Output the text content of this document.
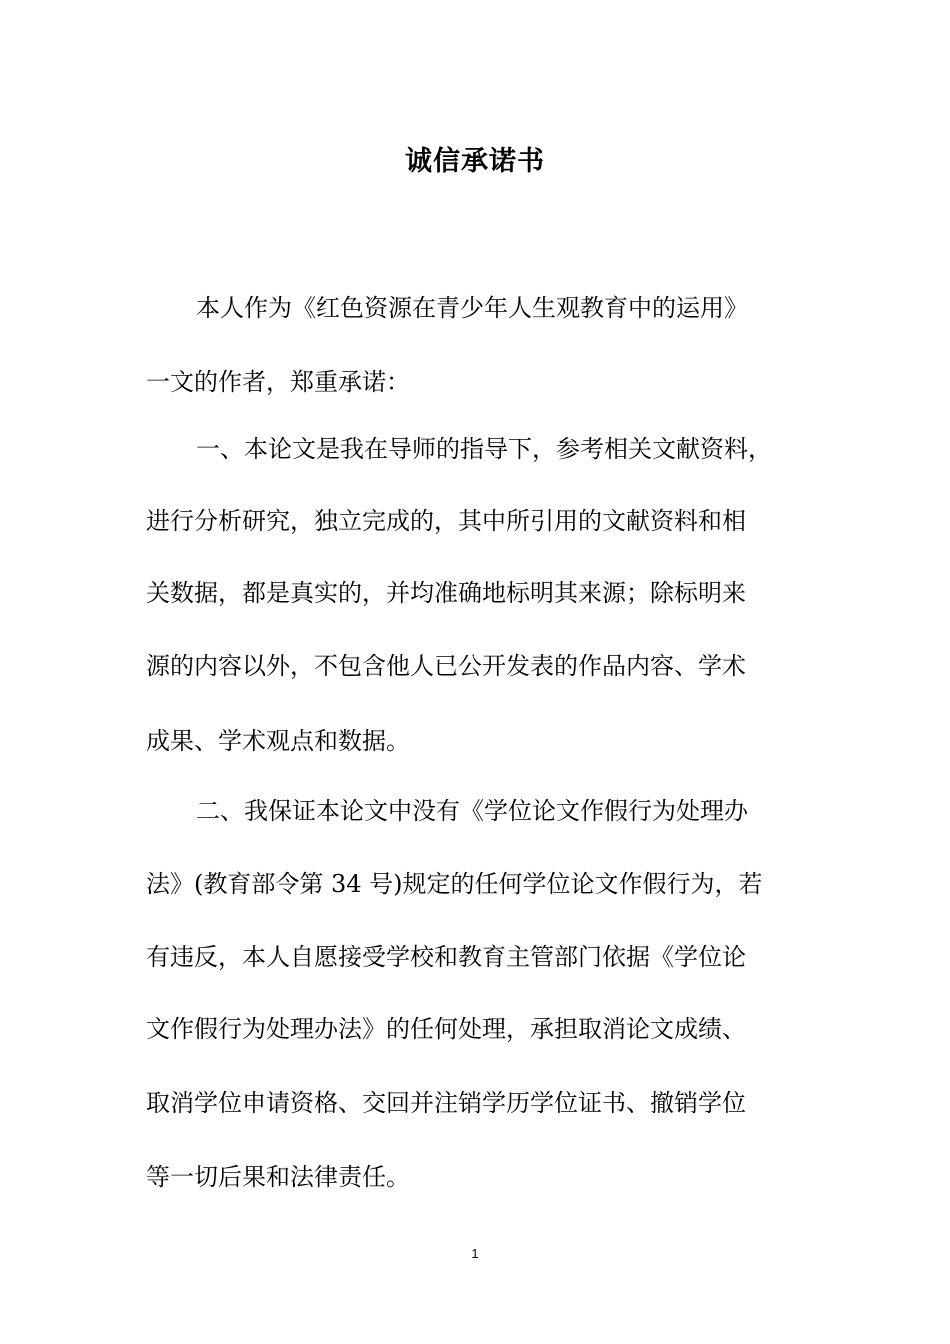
诚信承诺书

本人作为《红色资源在青少年人生观教育中的运用》

一文的作者，郑重承诺：

一、本论文是我在导师的指导下，参考相关文献资料，

进行分析研究，独立完成的，其中所引用的文献资料和相

关数据，都是真实的，并均准确地标明其来源；除标明来

源的内容以外，不包含他人已公开发表的作品内容、学术

成果、学术观点和数据。

二、我保证本论文中没有《学位论文作假行为处理办

法》(教育部令第 34 号)规定的任何学位论文作假行为，若

有违反，本人自愿接受学校和教育主管部门依据《学位论

文作假行为处理办法》的任何处理，承担取消论文成绩、

取消学位申请资格、交回并注销学历学位证书、撤销学位

等一切后果和法律责任。

1
